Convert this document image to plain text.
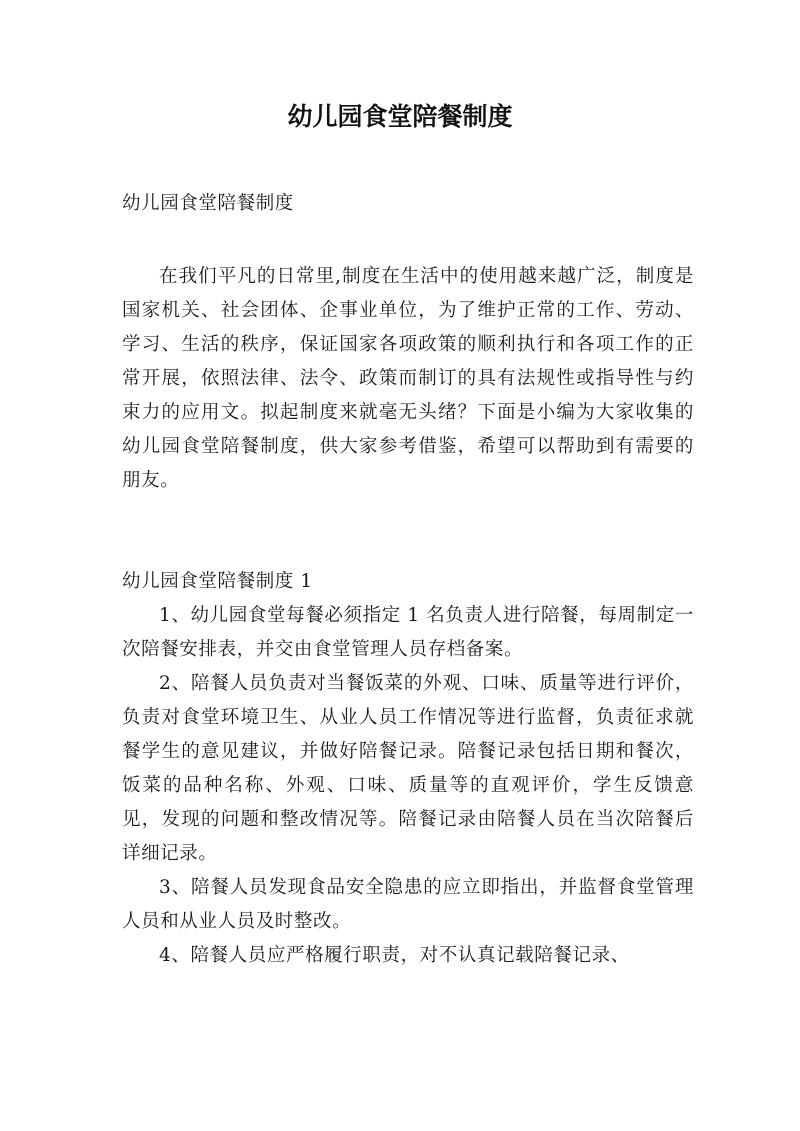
幼儿园食堂陪餐制度

幼儿园食堂陪餐制度

在我们平凡的日常里,制度在生活中的使用越来越广泛，制度是国家机关、社会团体、企事业单位，为了维护正常的工作、劳动、学习、生活的秩序，保证国家各项政策的顺利执行和各项工作的正常开展，依照法律、法令、政策而制订的具有法规性或指导性与约束力的应用文。拟起制度来就毫无头绪？下面是小编为大家收集的幼儿园食堂陪餐制度，供大家参考借鉴，希望可以帮助到有需要的朋友。

幼儿园食堂陪餐制度 1

1、幼儿园食堂每餐必须指定 1 名负责人进行陪餐，每周制定一次陪餐安排表，并交由食堂管理人员存档备案。

2、陪餐人员负责对当餐饭菜的外观、口味、质量等进行评价，负责对食堂环境卫生、从业人员工作情况等进行监督，负责征求就餐学生的意见建议，并做好陪餐记录。陪餐记录包括日期和餐次，饭菜的品种名称、外观、口味、质量等的直观评价，学生反馈意见，发现的问题和整改情况等。陪餐记录由陪餐人员在当次陪餐后详细记录。

3、陪餐人员发现食品安全隐患的应立即指出，并监督食堂管理人员和从业人员及时整改。

4、陪餐人员应严格履行职责，对不认真记载陪餐记录、
